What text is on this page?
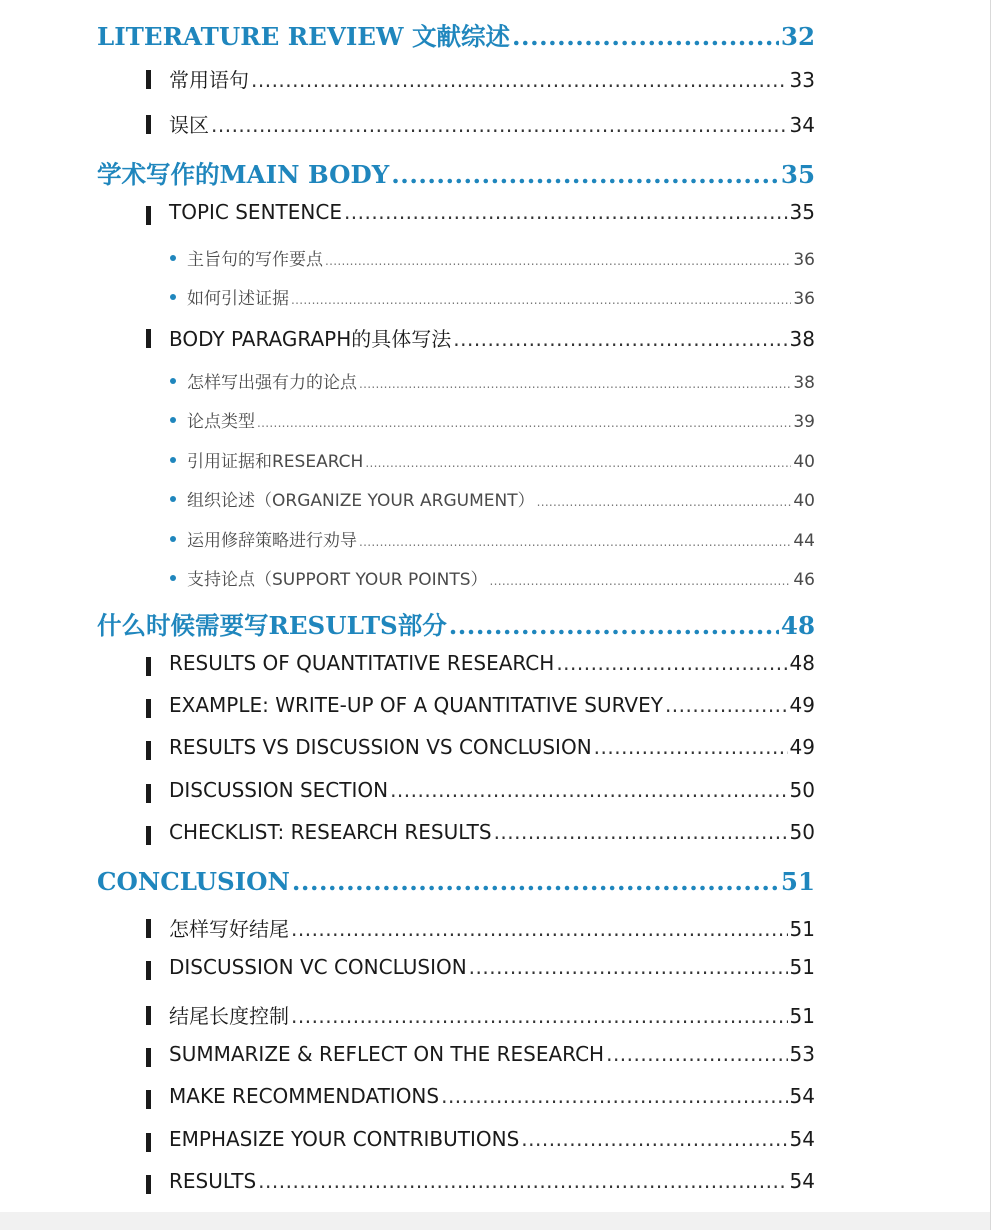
LITERATURE REVIEW 文献综述 .....	32
常用语句 .....	33
误区 .....	34
学术写作的MAIN BODY .....	35
TOPIC SENTENCE .....	35
主旨句的写作要点 .....	36
如何引述证据 .....	36
BODY PARAGRAPH的具体写法 .....	38
怎样写出强有力的论点 .....	38
论点类型 .....	39
引用证据和RESEARCH .....	40
组织论述（ORGANIZE YOUR ARGUMENT） .....	40
运用修辞策略进行劝导 .....	44
支持论点（SUPPORT YOUR POINTS） .....	46
什么时候需要写RESULTS部分 .....	48
RESULTS OF QUANTITATIVE RESEARCH .....	48
EXAMPLE: WRITE-UP OF A QUANTITATIVE SURVEY .....	49
RESULTS VS DISCUSSION VS CONCLUSION .....	49
DISCUSSION SECTION .....	50
CHECKLIST: RESEARCH RESULTS .....	50
CONCLUSION .....	51
怎样写好结尾 .....	51
DISCUSSION VC CONCLUSION .....	51
结尾长度控制 .....	51
SUMMARIZE & REFLECT ON THE RESEARCH .....	53
MAKE RECOMMENDATIONS .....	54
EMPHASIZE YOUR CONTRIBUTIONS .....	54
RESULTS .....	54
